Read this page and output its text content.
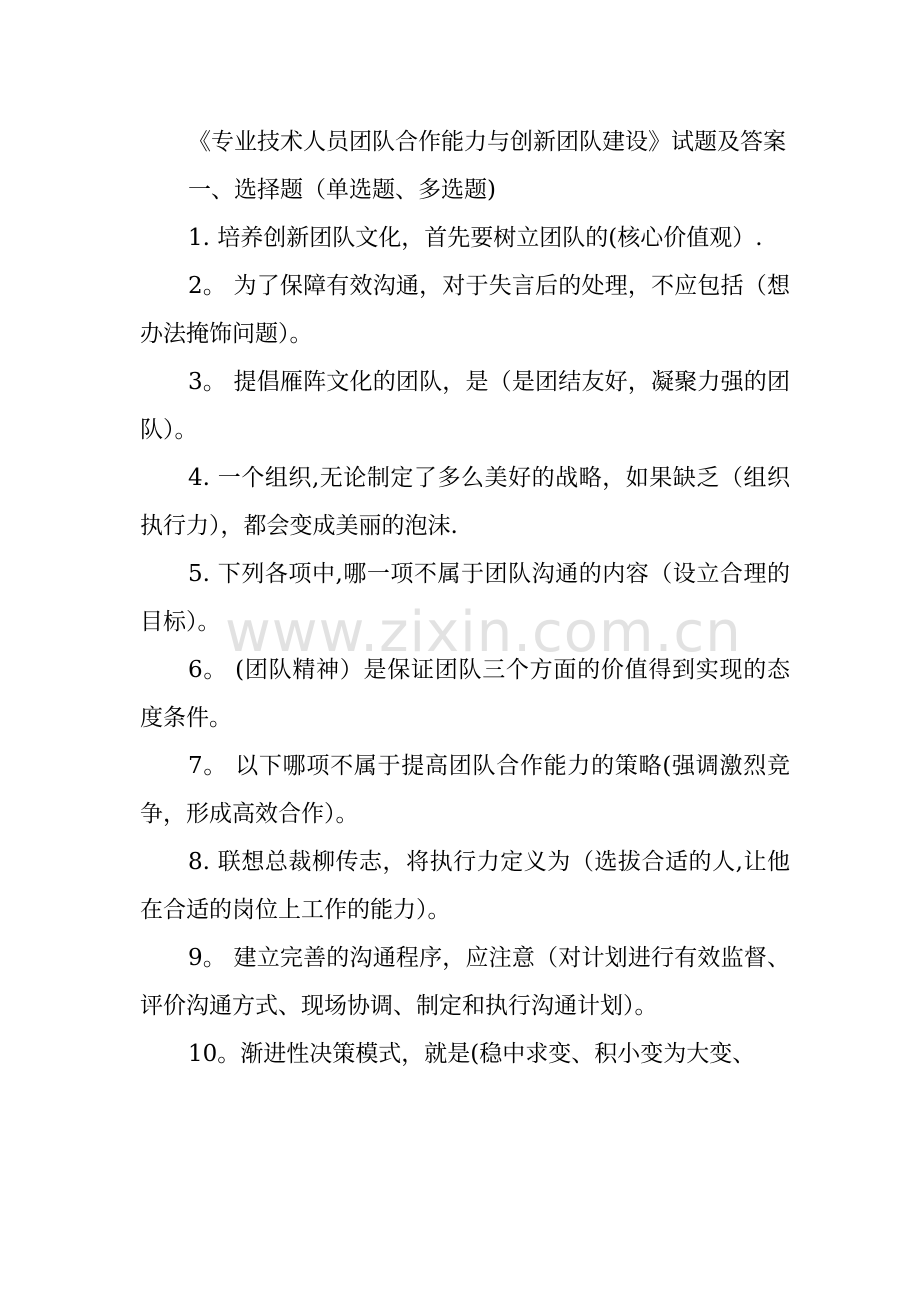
《专业技术人员团队合作能力与创新团队建设》试题及答案

一、选择题（单选题、多选题)

1. 培养创新团队文化，首先要树立团队的(核心价值观）.

2。 为了保障有效沟通，对于失言后的处理，不应包括（想办法掩饰问题）。

3。 提倡雁阵文化的团队，是（是团结友好，凝聚力强的团队）。

4. 一个组织,无论制定了多么美好的战略，如果缺乏（组织执行力），都会变成美丽的泡沫.

5. 下列各项中,哪一项不属于团队沟通的内容（设立合理的目标）。

6。 (团队精神）是保证团队三个方面的价值得到实现的态度条件。

7。 以下哪项不属于提高团队合作能力的策略(强调激烈竞争，形成高效合作）。

8. 联想总裁柳传志，将执行力定义为（选拔合适的人,让他在合适的岗位上工作的能力）。

9。 建立完善的沟通程序，应注意（对计划进行有效监督、评价沟通方式、现场协调、制定和执行沟通计划）。

10。渐进性决策模式，就是(稳中求变、积小变为大变、

www.zixin.com.cn
